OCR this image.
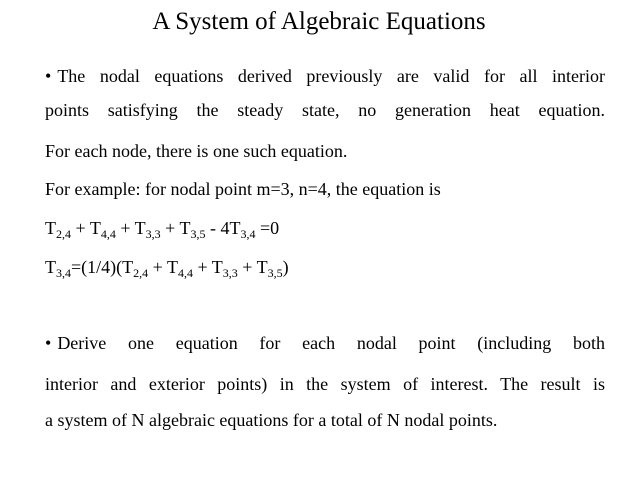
A System of Algebraic Equations
• The nodal equations derived previously are valid for all interior
points satisfying the steady state, no generation heat equation.
For each node, there is one such equation.
For example: for nodal point m=3, n=4, the equation is
$T_{2,4} + T_{4,4} + T_{3,3} + T_{3,5} - 4T_{3,4} =0$
$T_{3,4}=(1/4)(T_{2,4} + T_{4,4} + T_{3,3} + T_{3,5})$
• Derive one equation for each nodal point (including both
interior and exterior points) in the system of interest. The result is
a system of N algebraic equations for a total of N nodal points.
